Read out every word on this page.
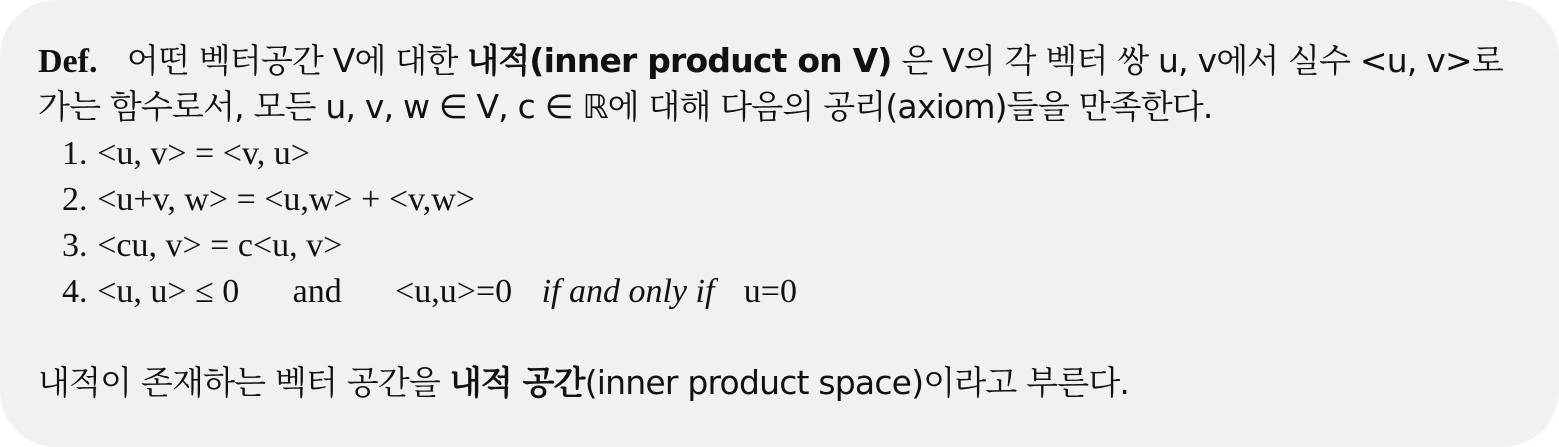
Def. 어떤 벡터공간 V에 대한 내적(inner product on V) 은 V의 각 벡터 쌍 u, v에서 실수 <u, v>로
가는 함수로서, 모든 u, v, w ∈ V, c ∈ ℝ에 대해 다음의 공리(axiom)들을 만족한다.
1. <u, v> = <v, u>
2. <u+v, w> = <u,w> + <v,w>
3. <cu, v> = c<u, v>
4. <u, u> ≤ 0 and <u,u>=0 if and only if u=0
내적이 존재하는 벡터 공간을 내적 공간(inner product space)이라고 부른다.
